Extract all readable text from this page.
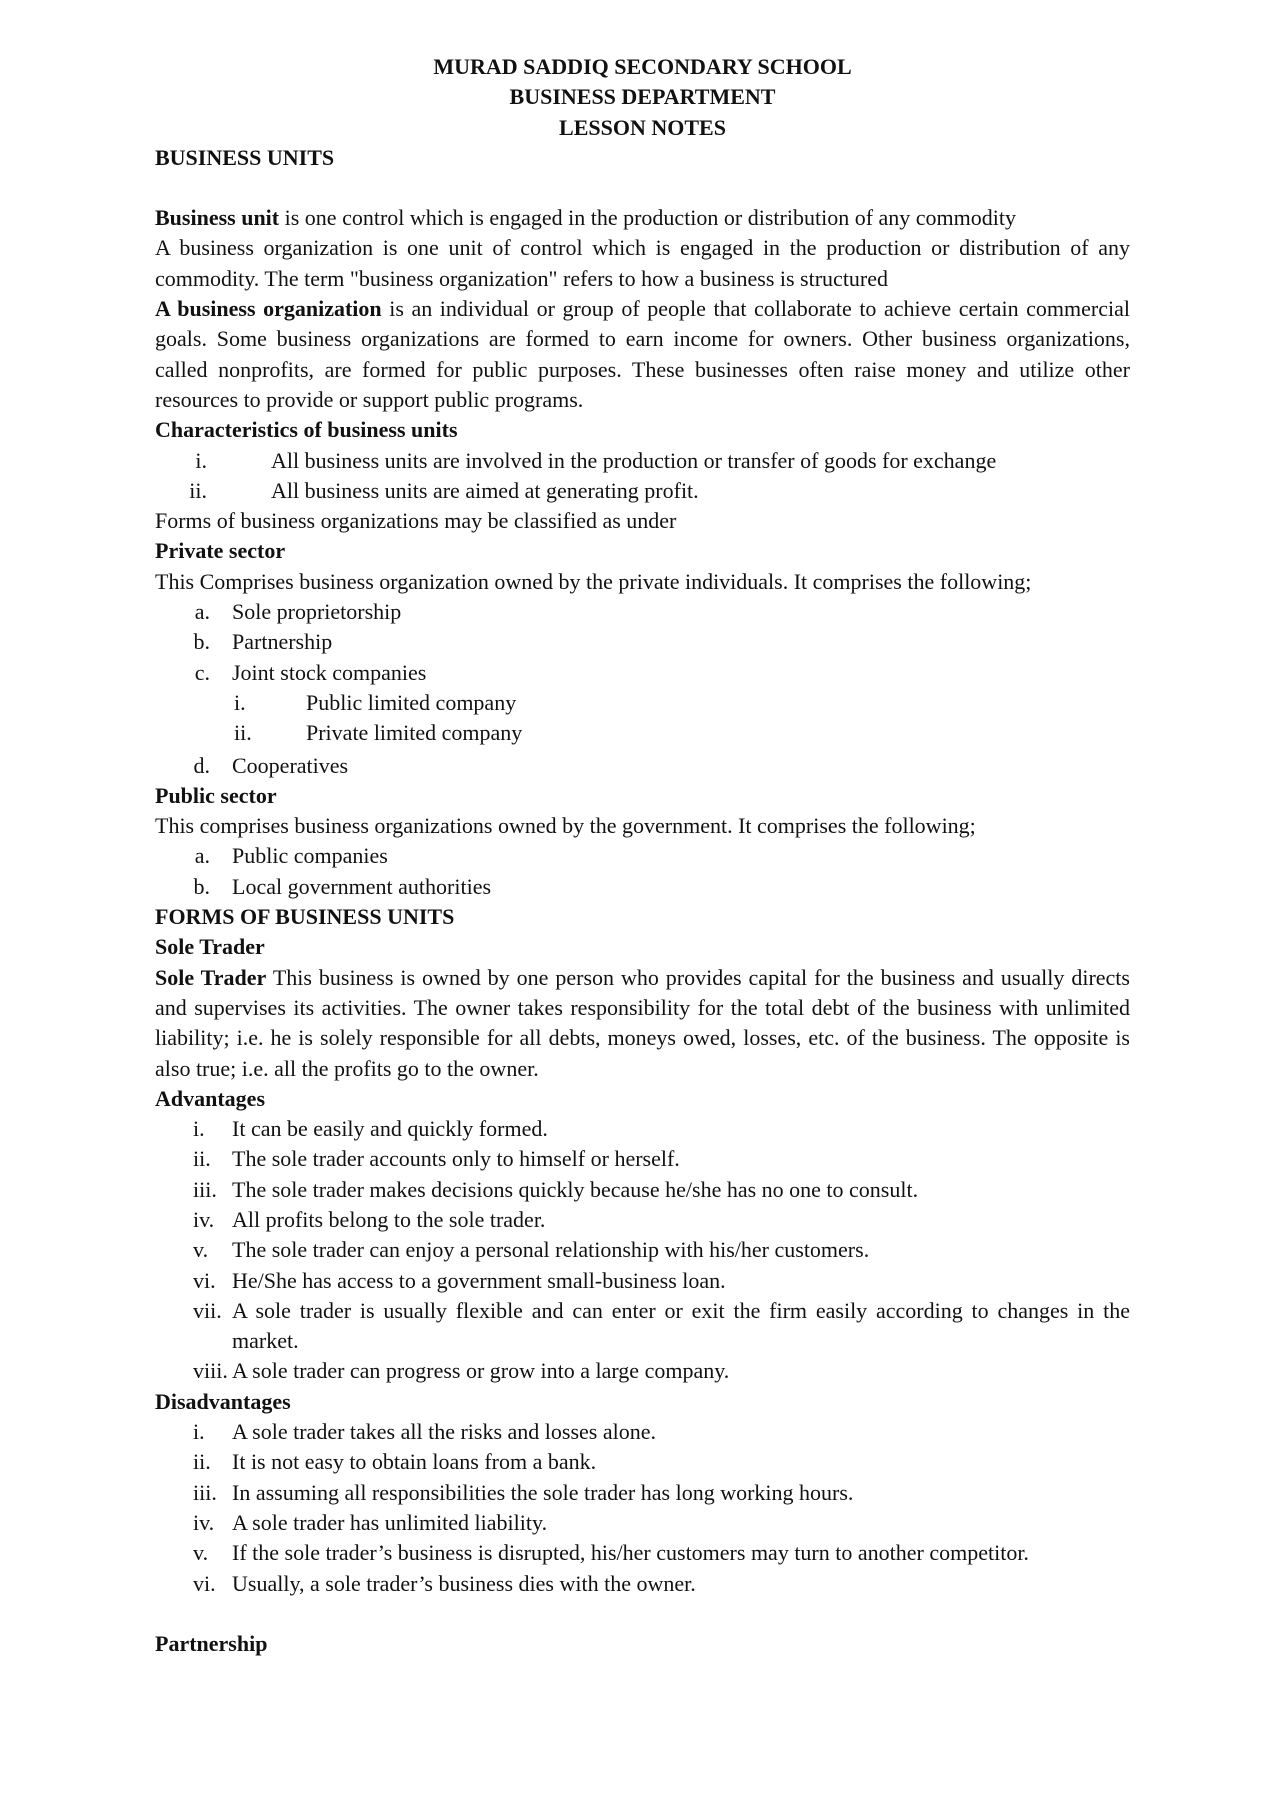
MURAD SADDIQ SECONDARY SCHOOL
BUSINESS DEPARTMENT
LESSON NOTES
BUSINESS UNITS

Business unit is one control which is engaged in the production or distribution of any commodity

A business organization is one unit of control which is engaged in the production or distribution of any commodity. The term "business organization" refers to how a business is structured

A business organization is an individual or group of people that collaborate to achieve certain commercial goals. Some business organizations are formed to earn income for owners. Other business organizations, called nonprofits, are formed for public purposes. These businesses often raise money and utilize other resources to provide or support public programs.

Characteristics of business units
i.	All business units are involved in the production or transfer of goods for exchange
ii.	All business units are aimed at generating profit.
Forms of business organizations may be classified as under
Private sector
This Comprises business organization owned by the private individuals. It comprises the following;
a.	Sole proprietorship
b.	Partnership
c.	Joint stock companies
i.	Public limited company
ii.	Private limited company
d.	Cooperatives
Public sector
This comprises business organizations owned by the government. It comprises the following;
a.	Public companies
b.	Local government authorities
FORMS OF BUSINESS UNITS
Sole Trader

Sole Trader This business is owned by one person who provides capital for the business and usually directs and supervises its activities. The owner takes responsibility for the total debt of the business with unlimited liability; i.e. he is solely responsible for all debts, moneys owed, losses, etc. of the business. The opposite is also true; i.e. all the profits go to the owner.

Advantages
i.	It can be easily and quickly formed.
ii. The sole trader accounts only to himself or herself.
iii. The sole trader makes decisions quickly because he/she has no one to consult.
iv. All profits belong to the sole trader.
v.	The sole trader can enjoy a personal relationship with his/her customers.
vi. He/She has access to a government small-business loan.
vii. A sole trader is usually flexible and can enter or exit the firm easily according to changes in the market.
viii. A sole trader can progress or grow into a large company.
Disadvantages
i.	A sole trader takes all the risks and losses alone.
ii. It is not easy to obtain loans from a bank.
iii. In assuming all responsibilities the sole trader has long working hours.
iv. A sole trader has unlimited liability.
v.	If the sole trader’s business is disrupted, his/her customers may turn to another competitor.
vi. Usually, a sole trader’s business dies with the owner.
Partnership
